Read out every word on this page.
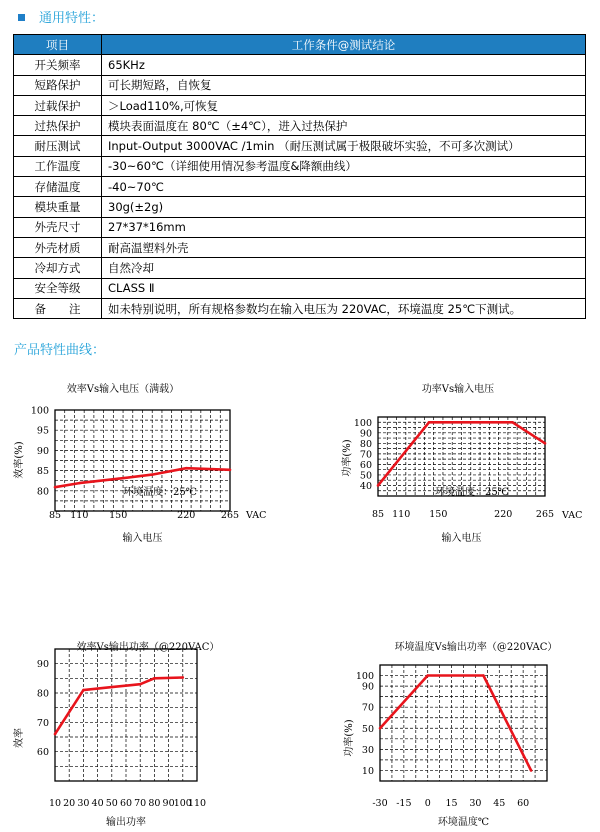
通用特性：
项目	工作条件@测试结论
开关频率	65KHz
短路保护	可长期短路，自恢复
过载保护	＞Load110%,可恢复
过热保护	模块表面温度在 80℃（±4℃），进入过热保护
耐压测试	Input-Output 3000VAC /1min （耐压测试属于极限破坏实验，不可多次测试）
工作温度	-30~60℃（详细使用情况参考温度&降额曲线）
存储温度	-40~70℃
模块重量	30g(±2g)
外壳尺寸	27*37*16mm
外壳材质	耐高温塑料外壳
冷却方式	自然冷却
安全等级	CLASS Ⅱ
备　　注	如未特别说明，所有规格参数均在输入电压为 220VAC，环境温度 25℃下测试。
产品特性曲线：
效率Vs输入电压（满载）
80
85
90
95
100
85 110 150	220	265 VAC
输入电压
效率(%)
环境温度：25℃
功率Vs输入电压
40
50
60
70
80
90
100
85 110 150	220 265 VAC
输入电压
功率(%)
环境温度：25℃
效率Vs输出功率（@220VAC）
60
70
80
90
10 20 30 40 50 60 70 80 90 100
110
输出功率
效率
环境温度Vs输出功率（@220VAC）
10
30
50
70
90
100
-30 -15 0 15 30 45 60
环境温度℃
功率(%)
